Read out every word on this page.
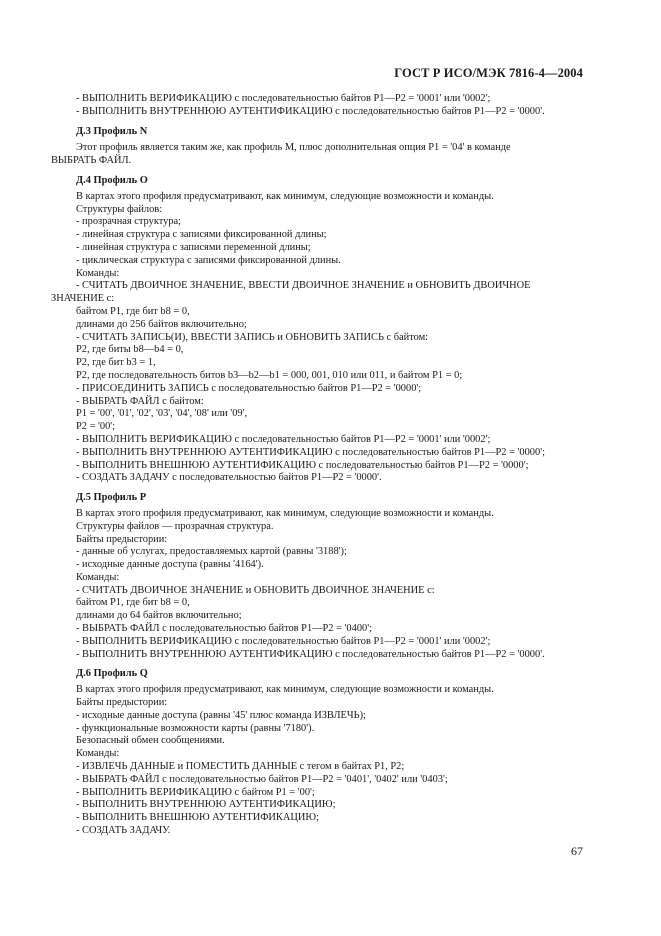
ГОСТ Р ИСО/МЭК 7816-4—2004
- ВЫПОЛНИТЬ ВЕРИФИКАЦИЮ с последовательностью байтов Р1—Р2 = '0001' или '0002';
- ВЫПОЛНИТЬ ВНУТРЕННЮЮ АУТЕНТИФИКАЦИЮ с последовательностью байтов Р1—Р2 = '0000'.
Д.3 Профиль N
Этот профиль является таким же, как профиль М, плюс дополнительная опция Р1 = '04' в команде
ВЫБРАТЬ ФАЙЛ.
Д.4 Профиль О
В картах этого профиля предусматривают, как минимум, следующие возможности и команды.
Структуры файлов:
- прозрачная структура;
- линейная структура с записями фиксированной длины;
- линейная структура с записями переменной длины;
- циклическая структура с записями фиксированной длины.
Команды:
- СЧИТАТЬ ДВОИЧНОЕ ЗНАЧЕНИЕ, ВВЕСТИ ДВОИЧНОЕ ЗНАЧЕНИЕ и ОБНОВИТЬ ДВОИЧНОЕ
ЗНАЧЕНИЕ с:
байтом Р1, где бит b8 = 0,
длинами до 256 байтов включительно;
- СЧИТАТЬ ЗАПИСЬ(И), ВВЕСТИ ЗАПИСЬ и ОБНОВИТЬ ЗАПИСЬ с байтом:
Р2, где биты b8—b4 = 0,
Р2, где бит b3 = 1,
Р2, где последовательность битов b3—b2—b1 = 000, 001, 010 или 011, и байтом Р1 = 0;
- ПРИСОЕДИНИТЬ ЗАПИСЬ с последовательностью байтов Р1—Р2 = '0000';
- ВЫБРАТЬ ФАЙЛ с байтом:
Р1 = '00', '01', '02', '03', '04', '08' или '09',
Р2 = '00';
- ВЫПОЛНИТЬ ВЕРИФИКАЦИЮ с последовательностью байтов Р1—Р2 = '0001' или '0002';
- ВЫПОЛНИТЬ ВНУТРЕННЮЮ АУТЕНТИФИКАЦИЮ с последовательностью байтов Р1—Р2 = '0000';
- ВЫПОЛНИТЬ ВНЕШНЮЮ АУТЕНТИФИКАЦИЮ с последовательностью байтов Р1—Р2 = '0000';
- СОЗДАТЬ ЗАДАЧУ с последовательностью байтов Р1—Р2 = '0000'.
Д.5 Профиль Р
В картах этого профиля предусматривают, как минимум, следующие возможности и команды.
Структуры файлов — прозрачная структура.
Байты предыстории:
- данные об услугах, предоставляемых картой (равны '3188');
- исходные данные доступа (равны '4164').
Команды:
- СЧИТАТЬ ДВОИЧНОЕ ЗНАЧЕНИЕ и ОБНОВИТЬ ДВОИЧНОЕ ЗНАЧЕНИЕ с:
байтом Р1, где бит b8 = 0,
длинами до 64 байтов включительно;
- ВЫБРАТЬ ФАЙЛ с последовательностью байтов Р1—Р2 = '0400';
- ВЫПОЛНИТЬ ВЕРИФИКАЦИЮ с последовательностью байтов Р1—Р2 = '0001' или '0002';
- ВЫПОЛНИТЬ ВНУТРЕННЮЮ АУТЕНТИФИКАЦИЮ с последовательностью байтов Р1—Р2 = '0000'.
Д.6 Профиль Q
В картах этого профиля предусматривают, как минимум, следующие возможности и команды.
Байты предыстории:
- исходные данные доступа (равны '45' плюс команда ИЗВЛЕЧЬ);
- функциональные возможности карты (равны '7180').
Безопасный обмен сообщениями.
Команды:
- ИЗВЛЕЧЬ ДАННЫЕ и ПОМЕСТИТЬ ДАННЫЕ с тегом в байтах Р1, Р2;
- ВЫБРАТЬ ФАЙЛ с последовательностью байтов Р1—Р2 = '0401', '0402' или '0403';
- ВЫПОЛНИТЬ ВЕРИФИКАЦИЮ с байтом Р1 = '00';
- ВЫПОЛНИТЬ ВНУТРЕННЮЮ АУТЕНТИФИКАЦИЮ;
- ВЫПОЛНИТЬ ВНЕШНЮЮ АУТЕНТИФИКАЦИЮ;
- СОЗДАТЬ ЗАДАЧУ.
67
